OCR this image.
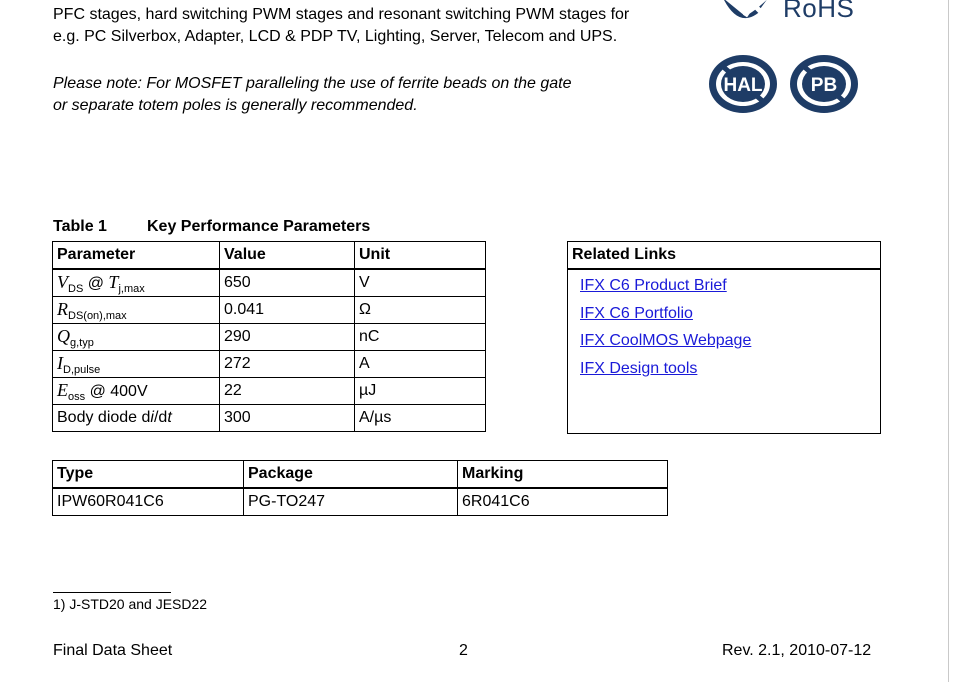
PFC stages, hard switching PWM stages and resonant switching PWM stages for
e.g. PC Silverbox, Adapter, LCD & PDP TV, Lighting, Server, Telecom and UPS.
Please note: For MOSFET paralleling the use of ferrite beads on the gate
or separate totem poles is generally recommended.
RoHS
HAL	PB
Table 1	Key Performance Parameters
Parameter	Value	Unit
$V_{DS}$ @ $T_{j,max}$	650	V
$R_{DS(on),max}$	0.041	Ω
$Q_{g,typ}$	290	nC
$I_{D,pulse}$	272	A
$E_{oss}$ @ 400V	22	µJ
Body diode di/dt	300	A/µs
Related Links
IFX C6 Product Brief
IFX C6 Portfolio
IFX CoolMOS Webpage
IFX Design tools
Type	Package	Marking
IPW60R041C6	PG-TO247	6R041C6
1) J-STD20 and JESD22
Final Data Sheet	2	Rev. 2.1, 2010-07-12
